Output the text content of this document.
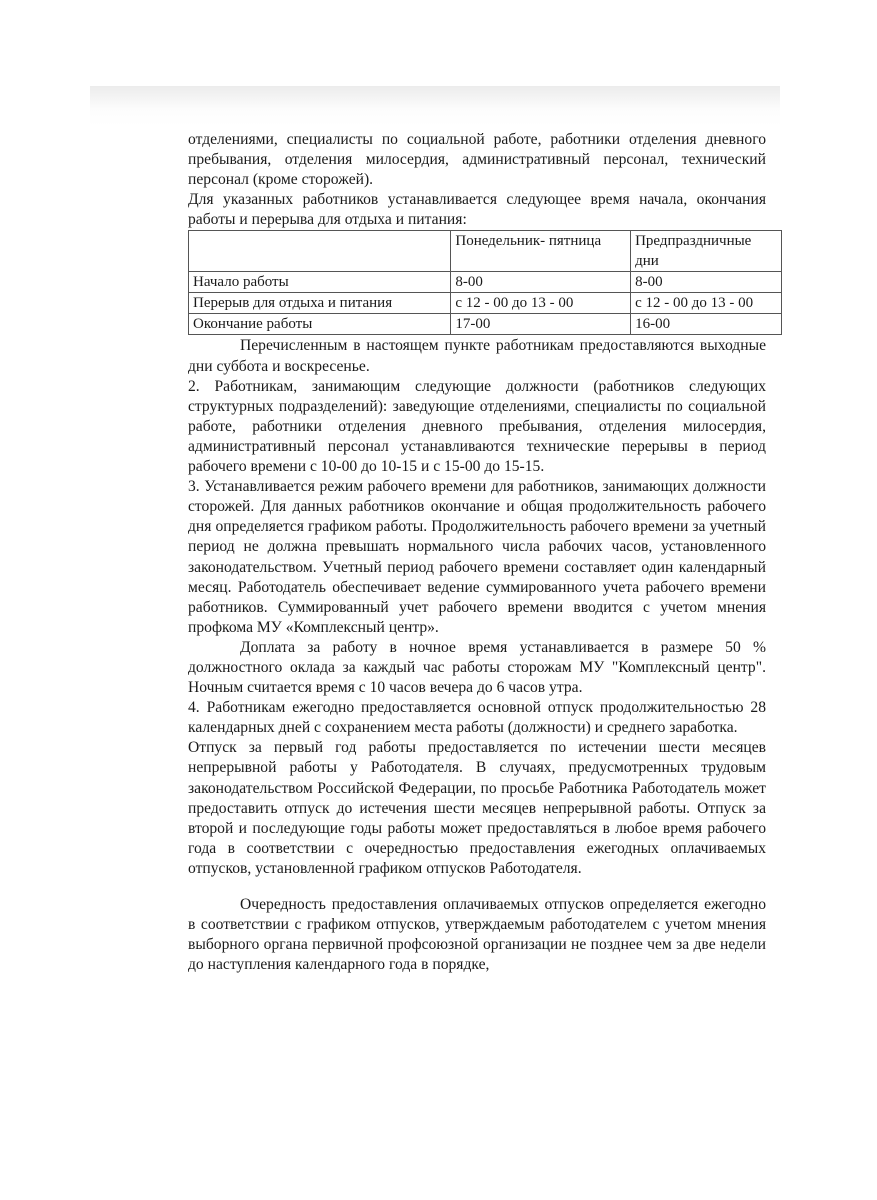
отделениями, специалисты по социальной работе, работники отделения дневного пребывания, отделения милосердия, административный персонал, технический персонал (кроме сторожей).

Для указанных работников устанавливается следующее время начала, окончания работы и перерыва для отдыха и питания:

	Понедельник- пятница	Предпраздничные дни
Начало работы	8-00	8-00
Перерыв для отдыха и питания	с 12 - 00 до 13 - 00	с 12 - 00 до 13 - 00
Окончание работы	17-00	16-00

Перечисленным в настоящем пункте работникам предоставляются выходные дни суббота и воскресенье.

2. Работникам, занимающим следующие должности (работников следующих структурных подразделений): заведующие отделениями, специалисты по социальной работе, работники отделения дневного пребывания, отделения милосердия, административный персонал устанавливаются технические перерывы в период рабочего времени с 10-00 до 10-15 и с 15-00 до 15-15.

3. Устанавливается режим рабочего времени для работников, занимающих должности сторожей. Для данных работников окончание и общая продолжительность рабочего дня определяется графиком работы. Продолжительность рабочего времени за учетный период не должна превышать нормального числа рабочих часов, установленного законодательством. Учетный период рабочего времени составляет один календарный месяц. Работодатель обеспечивает ведение суммированного учета рабочего времени работников. Суммированный учет рабочего времени вводится с учетом мнения профкома МУ «Комплексный центр».

Доплата за работу в ночное время устанавливается в размере 50 % должностного оклада за каждый час работы сторожам МУ "Комплексный центр". Ночным считается время с 10 часов вечера до 6 часов утра.

4. Работникам ежегодно предоставляется основной отпуск продолжительностью 28 календарных дней с сохранением места работы (должности) и среднего заработка.

Отпуск за первый год работы предоставляется по истечении шести месяцев непрерывной работы у Работодателя. В случаях, предусмотренных трудовым законодательством Российской Федерации, по просьбе Работника Работодатель может предоставить отпуск до истечения шести месяцев непрерывной работы. Отпуск за второй и последующие годы работы может предоставляться в любое время рабочего года в соответствии с очередностью предоставления ежегодных оплачиваемых отпусков, установленной графиком отпусков Работодателя.

Очередность предоставления оплачиваемых отпусков определяется ежегодно в соответствии с графиком отпусков, утверждаемым работодателем с учетом мнения выборного органа первичной профсоюзной организации не позднее чем за две недели до наступления календарного года в порядке,
